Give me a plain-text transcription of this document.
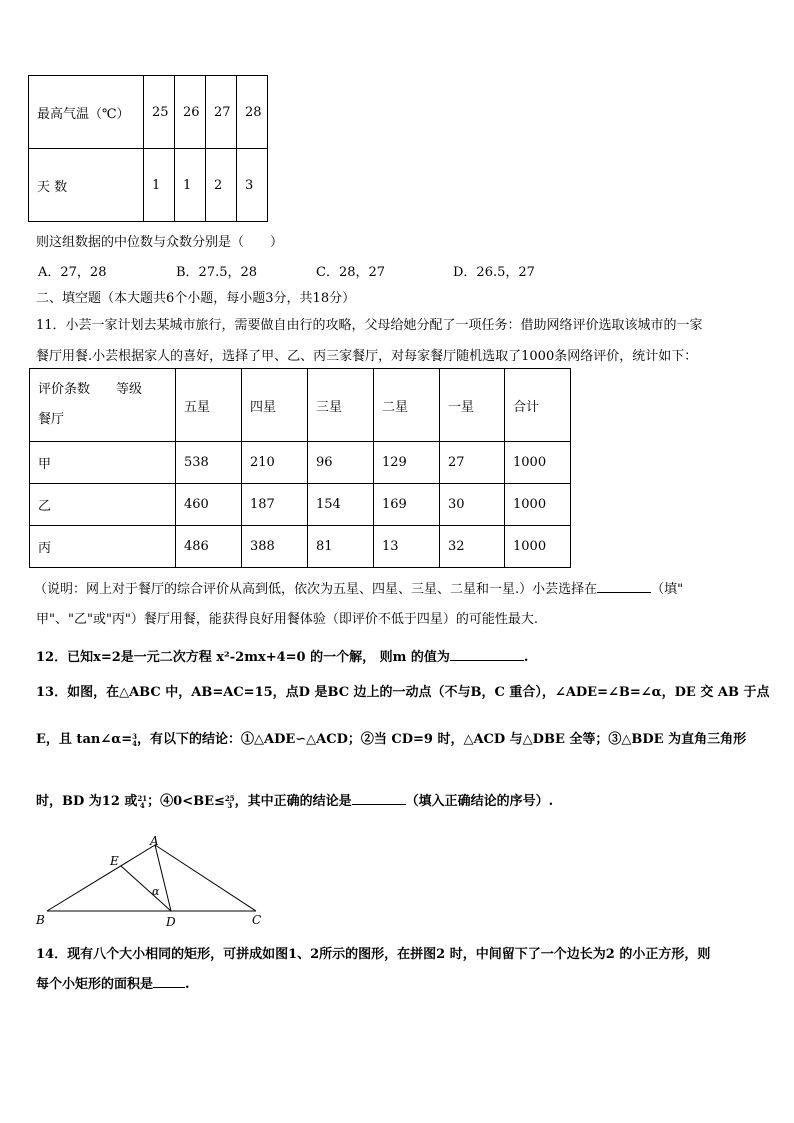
最高气温（℃）	25	26	27	28
天 数	1	1	2	3
则这组数据的中位数与众数分别是（　　）
A．27，28	B．27.5，28	C．28，27	D．26.5，27
二、填空题（本大题共6个小题，每小题3分，共18分）
11．小芸一家计划去某城市旅行，需要做自由行的攻略，父母给她分配了一项任务：借助网络评价选取该城市的一家
餐厅用餐.小芸根据家人的喜好，选择了甲、乙、丙三家餐厅，对每家餐厅随机选取了1000条网络评价，统计如下：
评价条数　　等级
餐厅	五星	四星	三星	二星	一星	合计
甲	538	210	96	129	27	1000
乙	460	187	154	169	30	1000
丙	486	388	81	13	32	1000
（说明：网上对于餐厅的综合评价从高到低，依次为五星、四星、三星、二星和一星.）小芸选择在	（填"
甲"、"乙"或"丙"）餐厅用餐，能获得良好用餐体验（即评价不低于四星）的可能性最大.
12．已知x=2是一元二次方程 x²-2mx+4=0 的一个解， 则m 的值为	.
13．如图，在△ABC 中，AB=AC=15，点D 是BC 边上的一动点（不与B，C 重合），∠ADE=∠B=∠α，DE 交 AB 于点
E，且 tan∠α= 3
4 ，有以下的结论：①△ADE∽△ACD；②当 CD=9 时，△ACD 与△DBE 全等；③△BDE 为直角三角形
时，BD 为12 或 21
4 ；④0<BE≤ 25
3 ，其中正确的结论是	（填入正确结论的序号）.
A
B	C
D
E
α
14．现有八个大小相同的矩形，可拼成如图1、2所示的图形，在拼图2 时，中间留下了一个边长为2 的小正方形，则
每个小矩形的面积是 .
